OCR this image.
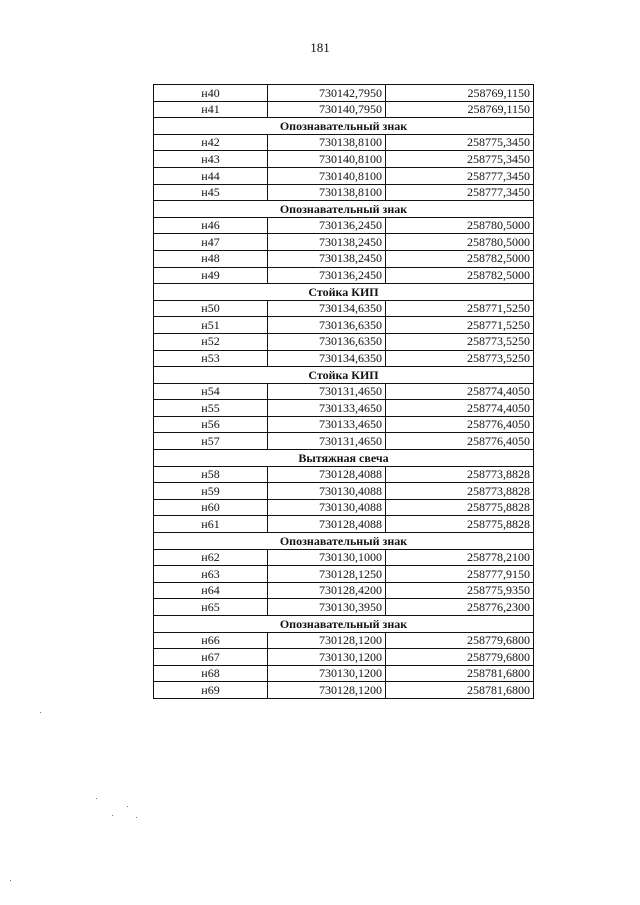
181
н40	730142,7950	258769,1150
н41	730140,7950	258769,1150
Опознавательный знак		
н42	730138,8100	258775,3450
н43	730140,8100	258775,3450
н44	730140,8100	258777,3450
н45	730138,8100	258777,3450
Опознавательный знак		
н46	730136,2450	258780,5000
н47	730138,2450	258780,5000
н48	730138,2450	258782,5000
н49	730136,2450	258782,5000
Стойка КИП		
н50	730134,6350	258771,5250
н51	730136,6350	258771,5250
н52	730136,6350	258773,5250
н53	730134,6350	258773,5250
Стойка КИП		
н54	730131,4650	258774,4050
н55	730133,4650	258774,4050
н56	730133,4650	258776,4050
н57	730131,4650	258776,4050
Вытяжная свеча		
н58	730128,4088	258773,8828
н59	730130,4088	258773,8828
н60	730130,4088	258775,8828
н61	730128,4088	258775,8828
Опознавательный знак		
н62	730130,1000	258778,2100
н63	730128,1250	258777,9150
н64	730128,4200	258775,9350
н65	730130,3950	258776,2300
Опознавательный знак		
н66	730128,1200	258779,6800
н67	730130,1200	258779,6800
н68	730130,1200	258781,6800
н69	730128,1200	258781,6800
